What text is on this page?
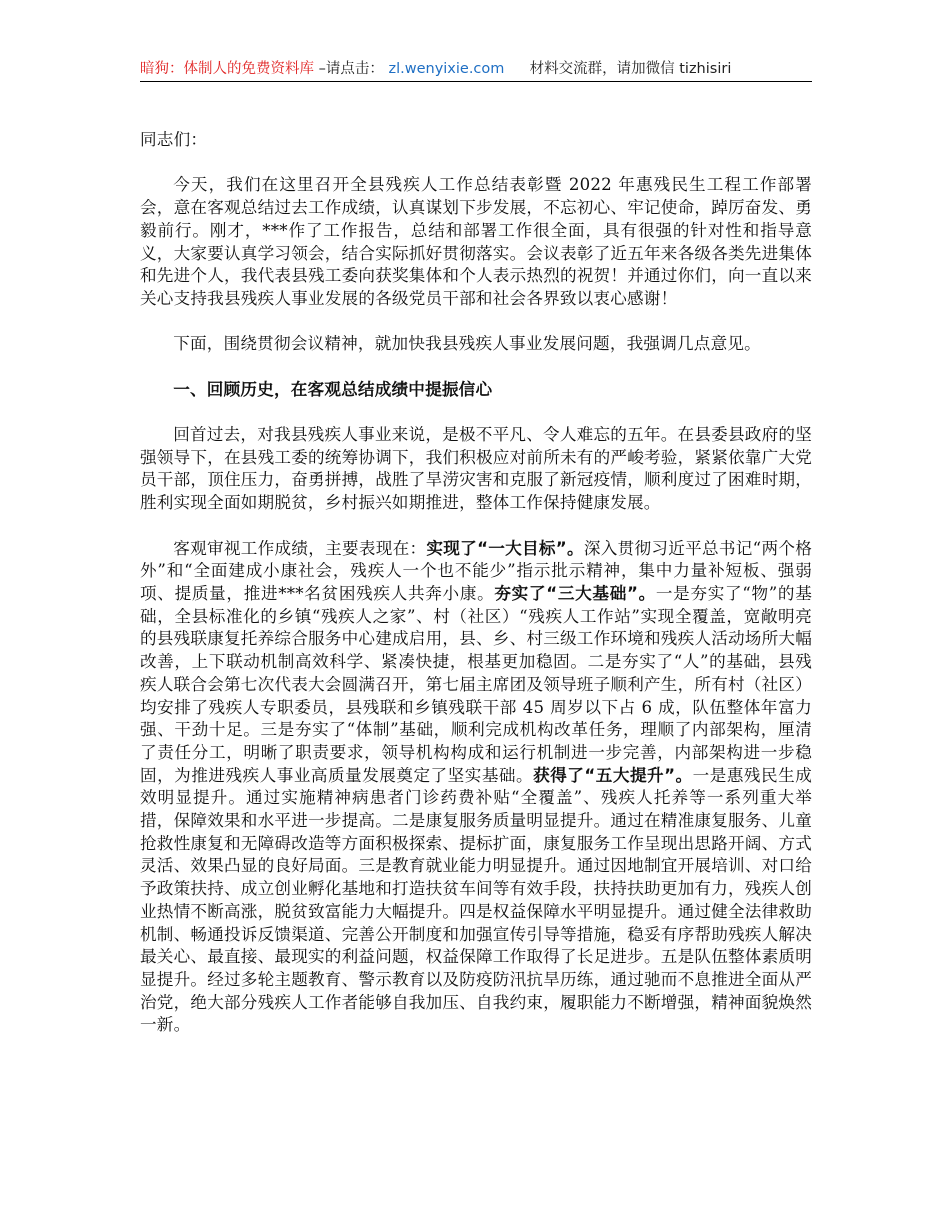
暗狗：体制人的免费资料库 –请点击： zl.wenyixie.com 材料交流群，请加微信 tizhisiri

同志们：

今天，我们在这里召开全县残疾人工作总结表彰暨 2022 年惠残民生工程工作部署会，意在客观总结过去工作成绩，认真谋划下步发展，不忘初心、牢记使命，踔厉奋发、勇毅前行。刚才，***作了工作报告，总结和部署工作很全面，具有很强的针对性和指导意义，大家要认真学习领会，结合实际抓好贯彻落实。会议表彰了近五年来各级各类先进集体和先进个人，我代表县残工委向获奖集体和个人表示热烈的祝贺！并通过你们，向一直以来关心支持我县残疾人事业发展的各级党员干部和社会各界致以衷心感谢！

下面，围绕贯彻会议精神，就加快我县残疾人事业发展问题，我强调几点意见。

一、回顾历史，在客观总结成绩中提振信心

回首过去，对我县残疾人事业来说，是极不平凡、令人难忘的五年。在县委县政府的坚强领导下，在县残工委的统筹协调下，我们积极应对前所未有的严峻考验，紧紧依靠广大党员干部，顶住压力，奋勇拼搏，战胜了旱涝灾害和克服了新冠疫情，顺利度过了困难时期，胜利实现全面如期脱贫，乡村振兴如期推进，整体工作保持健康发展。

客观审视工作成绩，主要表现在：实现了“一大目标”。深入贯彻习近平总书记“两个格外”和“全面建成小康社会，残疾人一个也不能少”指示批示精神，集中力量补短板、强弱项、提质量，推进***名贫困残疾人共奔小康。夯实了“三大基础”。一是夯实了“物”的基础，全县标准化的乡镇“残疾人之家”、村（社区）“残疾人工作站”实现全覆盖，宽敞明亮的县残联康复托养综合服务中心建成启用，县、乡、村三级工作环境和残疾人活动场所大幅改善，上下联动机制高效科学、紧凑快捷，根基更加稳固。二是夯实了“人”的基础，县残疾人联合会第七次代表大会圆满召开，第七届主席团及领导班子顺利产生，所有村（社区）均安排了残疾人专职委员，县残联和乡镇残联干部 45 周岁以下占 6 成，队伍整体年富力强、干劲十足。三是夯实了“体制”基础，顺利完成机构改革任务，理顺了内部架构，厘清了责任分工，明晰了职责要求，领导机构构成和运行机制进一步完善，内部架构进一步稳固，为推进残疾人事业高质量发展奠定了坚实基础。获得了“五大提升”。一是惠残民生成效明显提升。通过实施精神病患者门诊药费补贴“全覆盖”、残疾人托养等一系列重大举措，保障效果和水平进一步提高。二是康复服务质量明显提升。通过在精准康复服务、儿童抢救性康复和无障碍改造等方面积极探索、提标扩面，康复服务工作呈现出思路开阔、方式灵活、效果凸显的良好局面。三是教育就业能力明显提升。通过因地制宜开展培训、对口给予政策扶持、成立创业孵化基地和打造扶贫车间等有效手段，扶持扶助更加有力，残疾人创业热情不断高涨，脱贫致富能力大幅提升。四是权益保障水平明显提升。通过健全法律救助机制、畅通投诉反馈渠道、完善公开制度和加强宣传引导等措施，稳妥有序帮助残疾人解决最关心、最直接、最现实的利益问题，权益保障工作取得了长足进步。五是队伍整体素质明显提升。经过多轮主题教育、警示教育以及防疫防汛抗旱历练，通过驰而不息推进全面从严治党，绝大部分残疾人工作者能够自我加压、自我约束，履职能力不断增强，精神面貌焕然一新。
